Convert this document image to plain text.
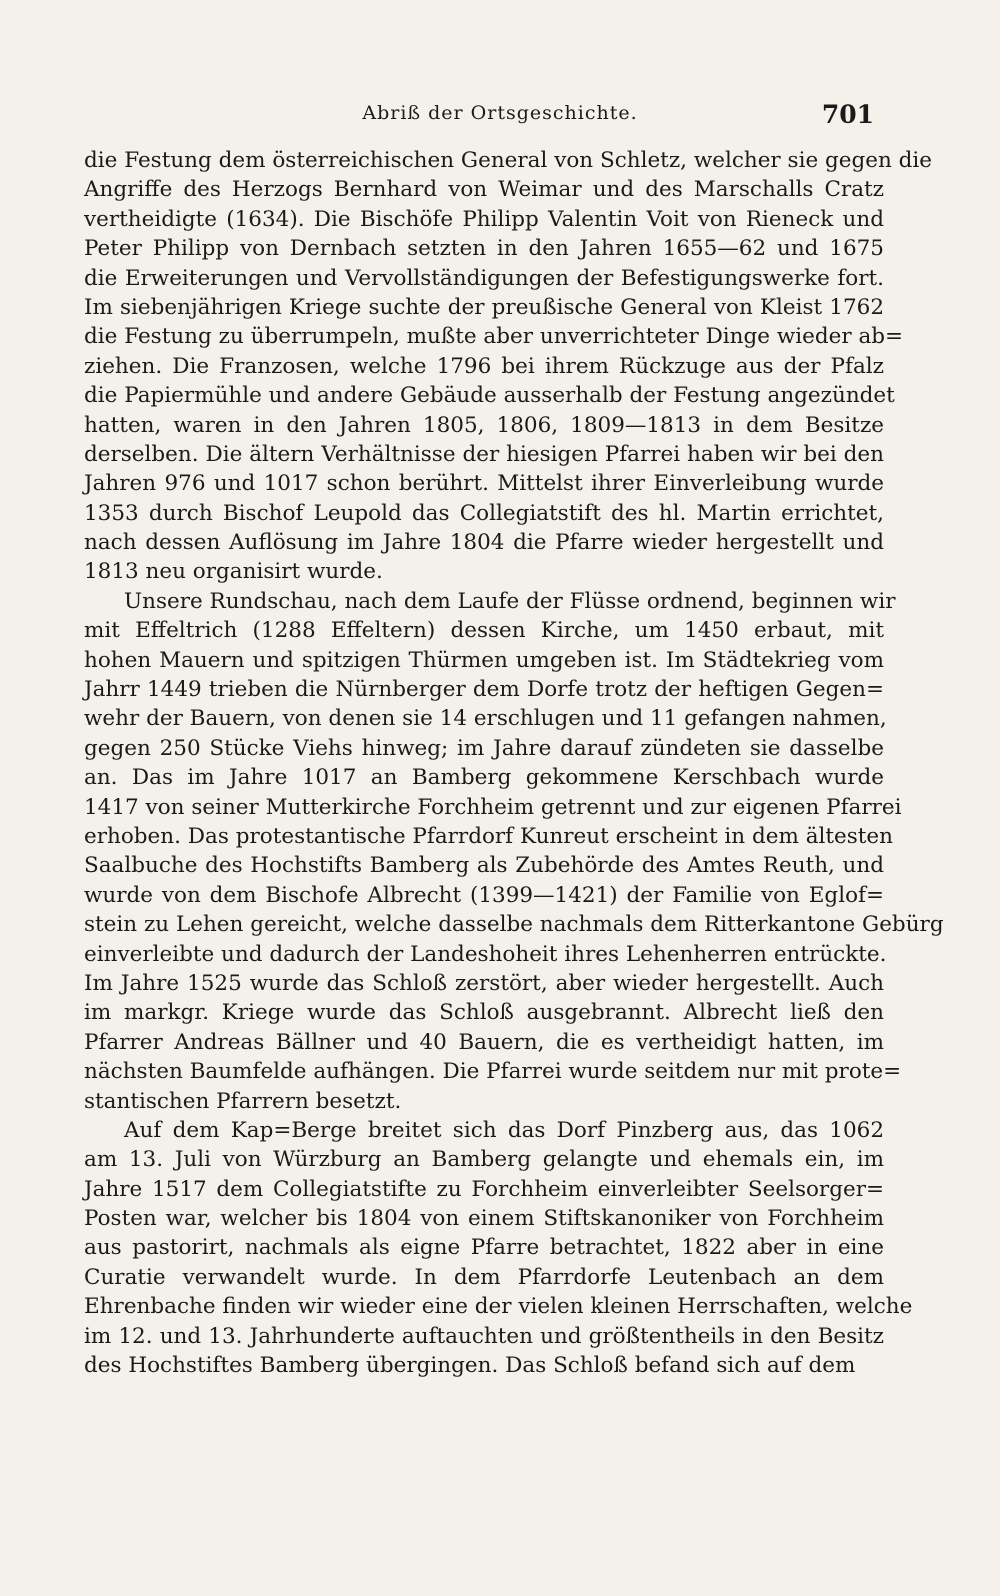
Abriß der Ortsgeschichte.	701
die Festung dem österreichischen General von Schletz, welcher sie gegen die
Angriffe des Herzogs Bernhard von Weimar und des Marschalls Cratz
vertheidigte (1634). Die Bischöfe Philipp Valentin Voit von Rieneck und
Peter Philipp von Dernbach setzten in den Jahren 1655—62 und 1675
die Erweiterungen und Vervollständigungen der Befestigungswerke fort.
Im siebenjährigen Kriege suchte der preußische General von Kleist 1762
die Festung zu überrumpeln, mußte aber unverrichteter Dinge wieder ab=
ziehen. Die Franzosen, welche 1796 bei ihrem Rückzuge aus der Pfalz
die Papiermühle und andere Gebäude ausserhalb der Festung angezündet
hatten, waren in den Jahren 1805, 1806, 1809—1813 in dem Besitze
derselben. Die ältern Verhältnisse der hiesigen Pfarrei haben wir bei den
Jahren 976 und 1017 schon berührt. Mittelst ihrer Einverleibung wurde
1353 durch Bischof Leupold das Collegiatstift des hl. Martin errichtet,
nach dessen Auflösung im Jahre 1804 die Pfarre wieder hergestellt und
1813 neu organisirt wurde.
Unsere Rundschau, nach dem Laufe der Flüsse ordnend, beginnen wir
mit Effeltrich (1288 Effeltern) dessen Kirche, um 1450 erbaut, mit
hohen Mauern und spitzigen Thürmen umgeben ist. Im Städtekrieg vom
Jahrr 1449 trieben die Nürnberger dem Dorfe trotz der heftigen Gegen=
wehr der Bauern, von denen sie 14 erschlugen und 11 gefangen nahmen,
gegen 250 Stücke Viehs hinweg; im Jahre darauf zündeten sie dasselbe
an. Das im Jahre 1017 an Bamberg gekommene Kerschbach wurde
1417 von seiner Mutterkirche Forchheim getrennt und zur eigenen Pfarrei
erhoben. Das protestantische Pfarrdorf Kunreut erscheint in dem ältesten
Saalbuche des Hochstifts Bamberg als Zubehörde des Amtes Reuth, und
wurde von dem Bischofe Albrecht (1399—1421) der Familie von Eglof=
stein zu Lehen gereicht, welche dasselbe nachmals dem Ritterkantone Gebürg
einverleibte und dadurch der Landeshoheit ihres Lehenherren entrückte.
Im Jahre 1525 wurde das Schloß zerstört, aber wieder hergestellt. Auch
im markgr. Kriege wurde das Schloß ausgebrannt. Albrecht ließ den
Pfarrer Andreas Bällner und 40 Bauern, die es vertheidigt hatten, im
nächsten Baumfelde aufhängen. Die Pfarrei wurde seitdem nur mit prote=
stantischen Pfarrern besetzt.
Auf dem Kap=Berge breitet sich das Dorf Pinzberg aus, das 1062
am 13. Juli von Würzburg an Bamberg gelangte und ehemals ein, im
Jahre 1517 dem Collegiatstifte zu Forchheim einverleibter Seelsorger=
Posten war, welcher bis 1804 von einem Stiftskanoniker von Forchheim
aus pastorirt, nachmals als eigne Pfarre betrachtet, 1822 aber in eine
Curatie verwandelt wurde. In dem Pfarrdorfe Leutenbach an dem
Ehrenbache finden wir wieder eine der vielen kleinen Herrschaften, welche
im 12. und 13. Jahrhunderte auftauchten und größtentheils in den Besitz
des Hochstiftes Bamberg übergingen. Das Schloß befand sich auf dem
